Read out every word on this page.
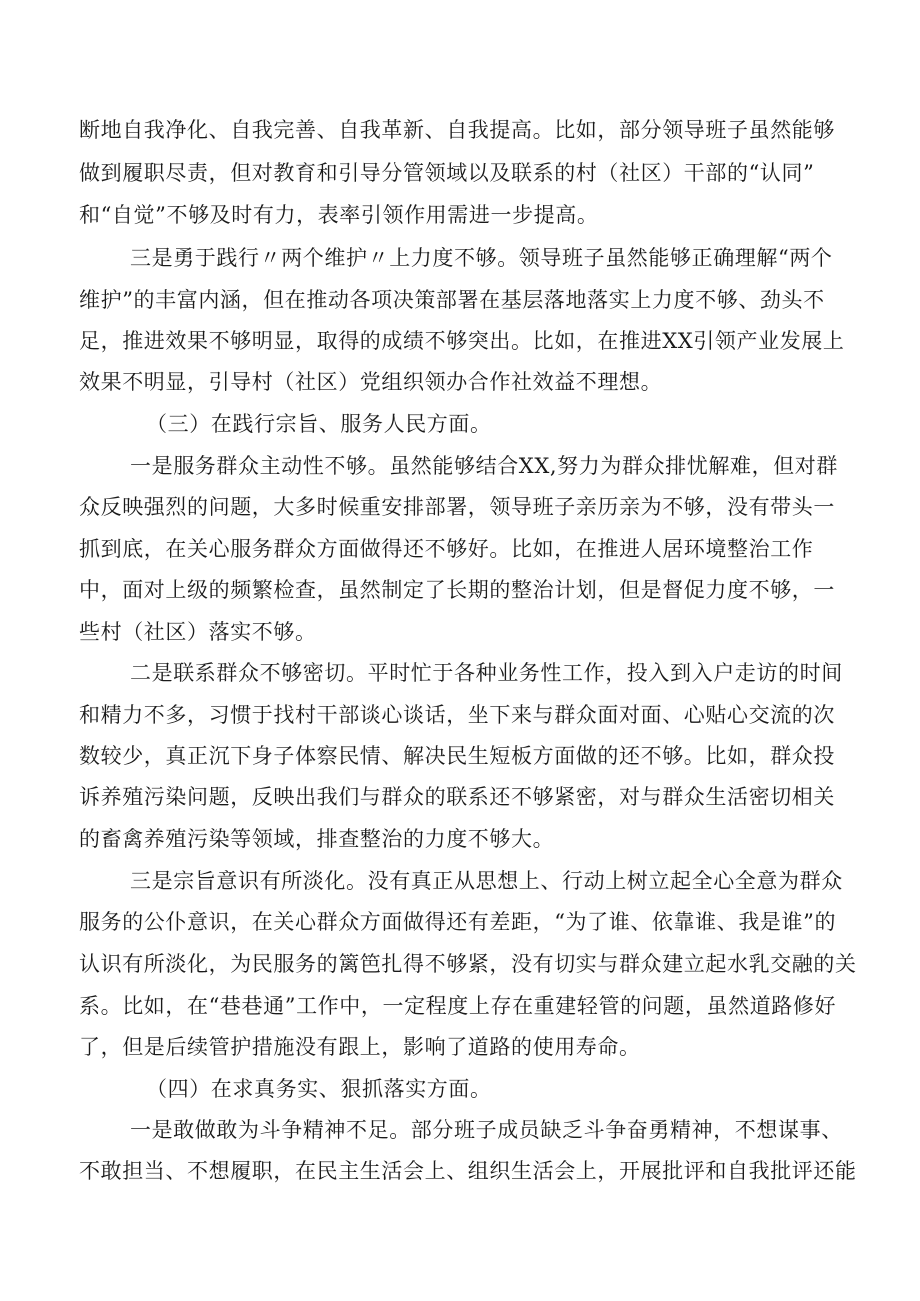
断地自我净化、自我完善、自我革新、自我提高。比如，部分领导班子虽然能够
做到履职尽责，但对教育和引导分管领域以及联系的村（社区）干部的“认同”
和“自觉”不够及时有力，表率引领作用需进一步提高。
三是勇于践行〃两个维护〃上力度不够。领导班子虽然能够正确理解“两个
维护”的丰富内涵，但在推动各项决策部署在基层落地落实上力度不够、劲头不
足，推进效果不够明显，取得的成绩不够突出。比如，在推进XX引领产业发展上
效果不明显，引导村（社区）党组织领办合作社效益不理想。
（三）在践行宗旨、服务人民方面。
一是服务群众主动性不够。虽然能够结合XX,努力为群众排忧解难，但对群
众反映强烈的问题，大多时候重安排部署，领导班子亲历亲为不够，没有带头一
抓到底，在关心服务群众方面做得还不够好。比如，在推进人居环境整治工作
中，面对上级的频繁检查，虽然制定了长期的整治计划，但是督促力度不够，一
些村（社区）落实不够。
二是联系群众不够密切。平时忙于各种业务性工作，投入到入户走访的时间
和精力不多，习惯于找村干部谈心谈话，坐下来与群众面对面、心贴心交流的次
数较少，真正沉下身子体察民情、解决民生短板方面做的还不够。比如，群众投
诉养殖污染问题，反映出我们与群众的联系还不够紧密，对与群众生活密切相关
的畜禽养殖污染等领域，排查整治的力度不够大。
三是宗旨意识有所淡化。没有真正从思想上、行动上树立起全心全意为群众
服务的公仆意识，在关心群众方面做得还有差距，“为了谁、依靠谁、我是谁”的
认识有所淡化，为民服务的篱笆扎得不够紧，没有切实与群众建立起水乳交融的关
系。比如，在“巷巷通”工作中，一定程度上存在重建轻管的问题，虽然道路修好
了，但是后续管护措施没有跟上，影响了道路的使用寿命。
（四）在求真务实、狠抓落实方面。
一是敢做敢为斗争精神不足。部分班子成员缺乏斗争奋勇精神，不想谋事、
不敢担当、不想履职，在民主生活会上、组织生活会上，开展批评和自我批评还能
